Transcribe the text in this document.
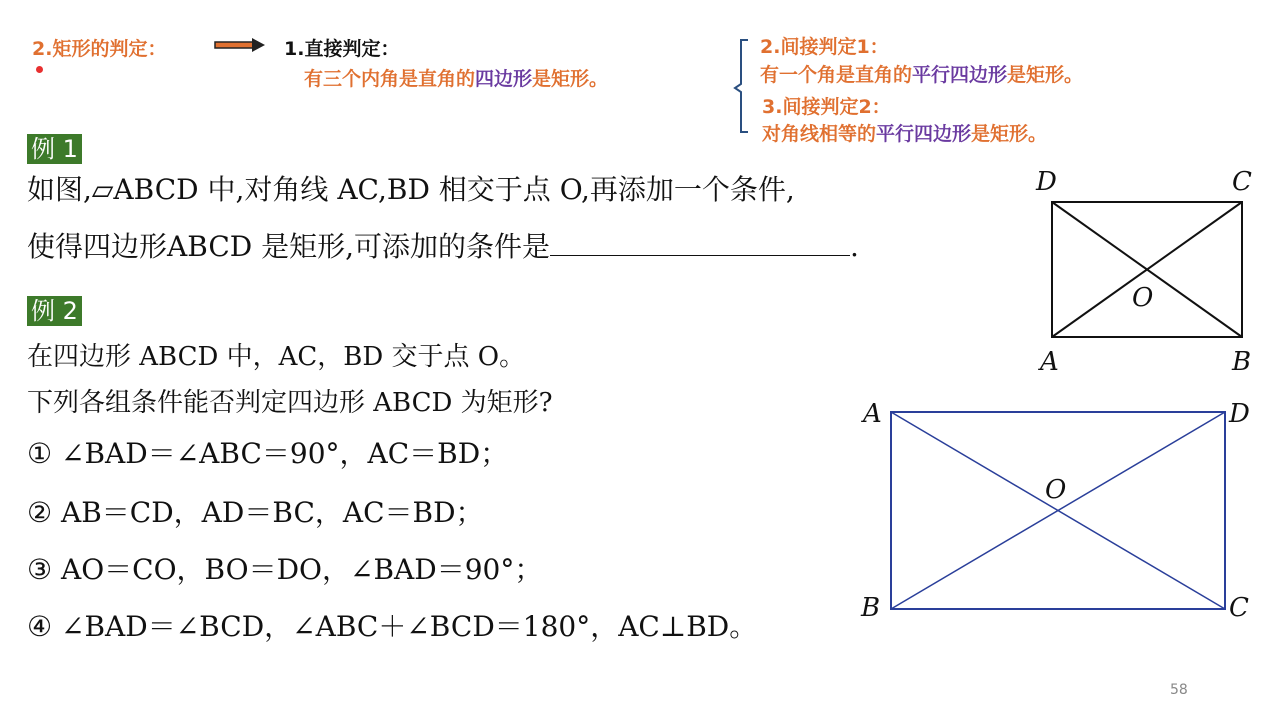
2.矩形的判定：	1.直接判定：
有三个内角是直角的四边形是矩形。
2.间接判定1：
有一个角是直角的平行四边形是矩形。
3.间接判定2：
对角线相等的平行四边形是矩形。
例 1
如图,▱ABCD 中,对角线 AC,BD 相交于点 O,再添加一个条件,
使得四边形ABCD 是矩形,可添加的条件是	.
例 2
在四边形 ABCD 中，AC，BD 交于点 O。
下列各组条件能否判定四边形 ABCD 为矩形?
① ∠BAD＝∠ABC＝90°，AC＝BD；
② AB＝CD，AD＝BC，AC＝BD；
③ AO＝CO，BO＝DO，∠BAD＝90°；
④ ∠BAD＝∠BCD，∠ABC＋∠BCD＝180°，AC⊥BD。
D	C
A	B
O
A	D
B	C
O
58
